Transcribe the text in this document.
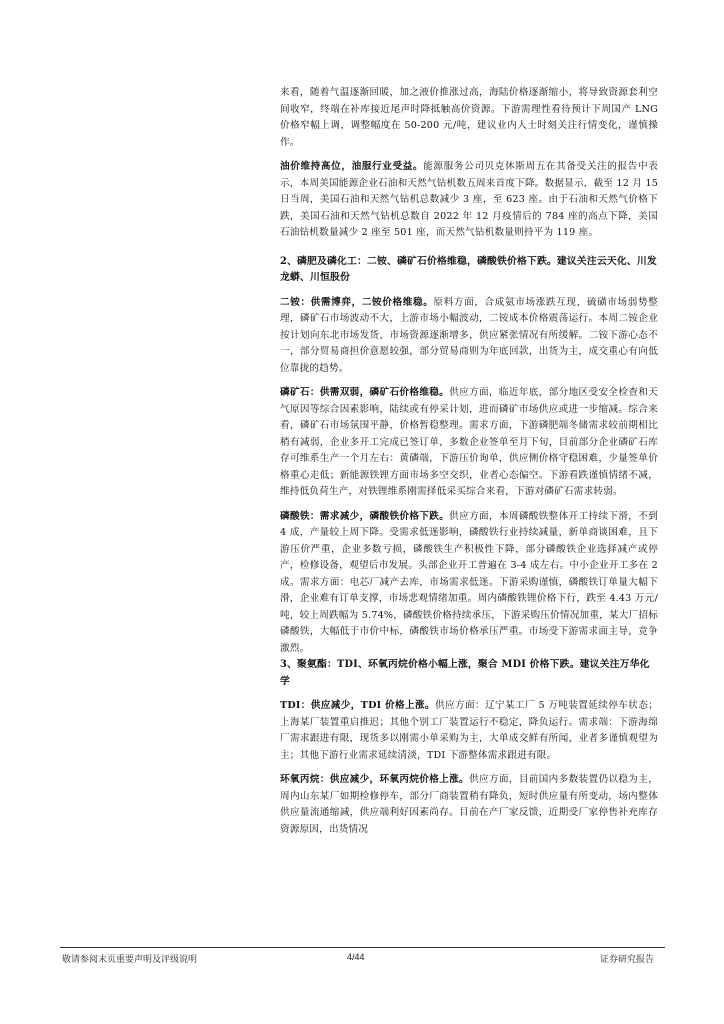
来看，随着气温逐渐回暖，加之液价推涨过高，海陆价格逐渐缩小，将导致资源套利空间收窄，终端在补库接近尾声时降抵触高价资源。下游需理性看待预计下周国产 LNG 价格窄幅上调，调整幅度在 50-200 元/吨，建议业内人士时刻关注行情变化，谨慎操作。

油价维持高位，油服行业受益。能源服务公司贝克休斯周五在其备受关注的报告中表示，本周美国能源企业石油和天然气钻机数五周来首度下降。数据显示，截至 12 月 15 日当周，美国石油和天然气钻机总数减少 3 座，至 623 座。由于石油和天然气价格下跌，美国石油和天然气钻机总数自 2022 年 12 月疫情后的 784 座的高点下降，美国石油钻机数量减少 2 座至 501 座，而天然气钻机数量则持平为 119 座。

2、磷肥及磷化工：二铵、磷矿石价格维稳，磷酸铁价格下跌。建议关注云天化、川发龙蟒、川恒股份

二铵：供需博弈，二铵价格维稳。原料方面，合成氨市场涨跌互现，硫磺市场弱势整理，磷矿石市场波动不大，上游市场小幅波动，二铵成本价格震荡运行。本周二铵企业按计划向东北市场发货，市场资源逐渐增多，供应紧张情况有所缓解。二铵下游心态不一，部分贸易商担价意愿较强，部分贸易商则为年底回款，出货为主，成交重心有向低位靠拢的趋势。

磷矿石：供需双弱，磷矿石价格维稳。供应方面，临近年底，部分地区受安全检查和天气原因等综合因素影响，陆续或有停采计划，进而磷矿市场供应或进一步缩减。综合来看，磷矿石市场氛围平静，价格暂稳整理。需求方面，下游磷肥端冬储需求较前期相比稍有减弱，企业多开工完成已签订单，多数企业签单至月下旬，目前部分企业磷矿石库存可维系生产一个月左右：黄磷端，下游压价询单，供应侧价格守稳困难，少量签单价格重心走低；新能源铁锂方面市场多空交织，业者心态偏空。下游看跌谨慎情绪不减，维持低负荷生产，对铁锂维系刚需择低采买综合来看，下游对磷矿石需求转弱。

磷酸铁：需求减少，磷酸铁价格下跌。供应方面，本周磷酸铁整体开工持续下滑，不到 4 成，产量较上周下降。受需求低迷影响，磷酸铁行业持续减量，新单商谈困难，且下游压价严重，企业多数亏损，磷酸铁生产积极性下降，部分磷酸铁企业选择减产或停产，检修设备，观望后市发展。头部企业开工普遍在 3-4 成左右。中小企业开工多在 2 成。需求方面：电芯厂减产去库，市场需求低迷。下游采购谨慎，磷酸铁订单量大幅下滑，企业难有订单支撑，市场悲观情绪加重。周内磷酸铁锂价格下行，跌至 4.43 万元/吨，较上周跌幅为 5.74%，磷酸铁价格持续承压，下游采购压价情况加重，某大厂招标磷酸铁，大幅低于市价中标，磷酸铁市场价格承压严重。市场受下游需求面主导，竞争激烈。

3、聚氨酯：TDI、环氧丙烷价格小幅上涨，聚合 MDI 价格下跌。建议关注万华化学

TDI：供应减少，TDI 价格上涨。供应方面：辽宁某工厂 5 万吨装置延续停车状态；上海某厂装置重启推迟；其他个别工厂装置运行不稳定，降负运行。需求端：下游海绵厂需求跟进有限，现货多以刚需小单采购为主，大单成交鲜有所闻，业者多谨慎观望为主；其他下游行业需求延续清淡，TDI 下游整体需求跟进有限。

环氧丙烷：供应减少，环氧丙烷价格上涨。供应方面，目前国内多数装置仍以稳为主，周内山东某厂如期检修停车，部分厂商装置稍有降负，短时供应量有所变动，场内整体供应量流通缩减，供应端利好因素尚存。目前在产厂家反馈，近期受厂家停售补充库存资源原因，出货情况

敬请参阅末页重要声明及评级说明	4/44	证券研究报告
